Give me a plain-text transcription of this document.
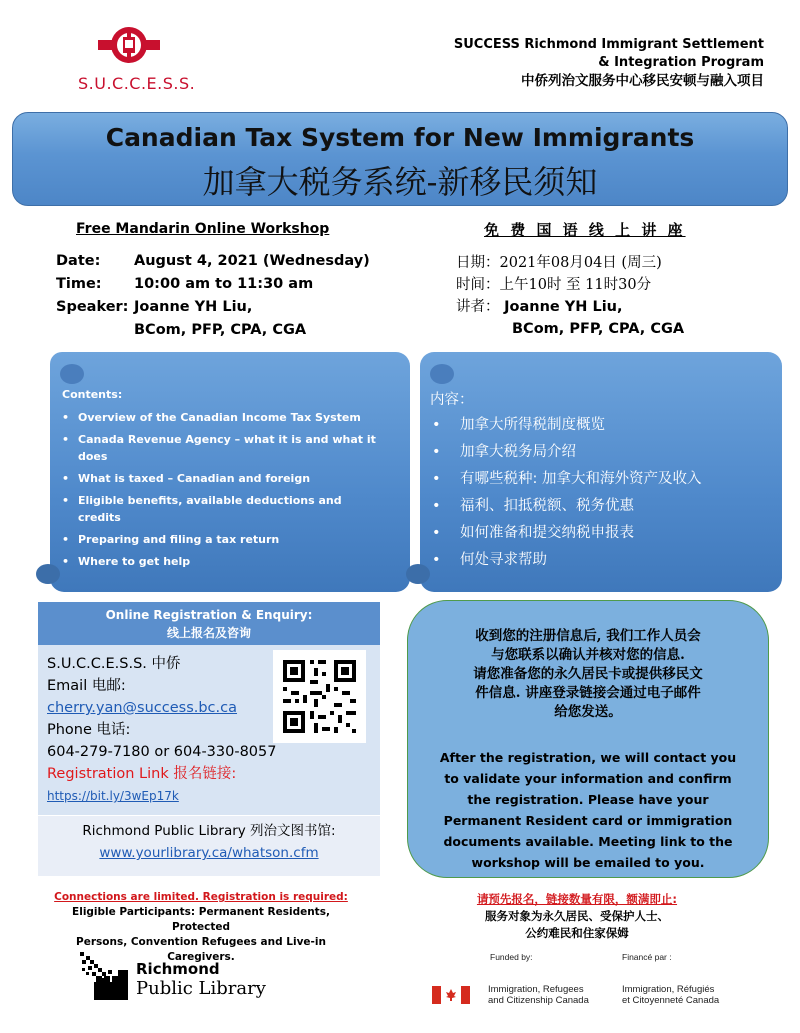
S.U.C.C.E.S.S.
SUCCESS Richmond Immigrant Settlement
& Integration Program
中侨列治文服务中心移民安顿与融入项目
Canadian Tax System for New Immigrants
加拿大税务系统-新移民须知
Free Mandarin Online Workshop	免 费 国 语 线 上 讲 座
Date: August 4, 2021 (Wednesday)
Time: 10:00 am to 11:30 am
Speaker: Joanne YH Liu,
BCom, PFP, CPA, CGA
日期：2021年08月04日 (周三)
时间：上午10时 至 11时30分
讲者： Joanne YH Liu,
BCom, PFP, CPA, CGA
Contents:
• Overview of the Canadian Income Tax System
• Canada Revenue Agency – what it is and what it does
• What is taxed – Canadian and foreign
• Eligible benefits, available deductions and credits
• Preparing and filing a tax return
• Where to get help
内容：
• 加拿大所得税制度概览
• 加拿大税务局介绍
• 有哪些税种: 加拿大和海外资产及收入
• 福利、扣抵税额、税务优惠
• 如何准备和提交纳税申报表
• 何处寻求帮助
Online Registration & Enquiry:
线上报名及咨询
S.U.C.C.E.S.S. 中侨
Email 电邮:
cherry.yan@success.bc.ca
Phone 电话:
604-279-7180 or 604-330-8057
Registration Link 报名链接:
https://bit.ly/3wEp17k
Richmond Public Library 列治文图书馆:
www.yourlibrary.ca/whatson.cfm
收到您的注册信息后, 我们工作人员会
与您联系以确认并核对您的信息.
请您准备您的永久居民卡或提供移民文
件信息. 讲座登录链接会通过电子邮件
给您发送。
After the registration, we will contact you
to validate your information and confirm
the registration. Please have your
Permanent Resident card or immigration
documents available. Meeting link to the
workshop will be emailed to you.
Connections are limited. Registration is required:
Eligible Participants: Permanent Residents, Protected
Persons, Convention Refugees and Live-in Caregivers.
请预先报名，链接数量有限，额满即止:
服务对象为永久居民、受保护人士、
公约难民和住家保姆
Richmond
Public Library
Funded by:	Financé par :
Immigration, Refugees
and Citizenship Canada
Immigration, Réfugiés
et Citoyenneté Canada
